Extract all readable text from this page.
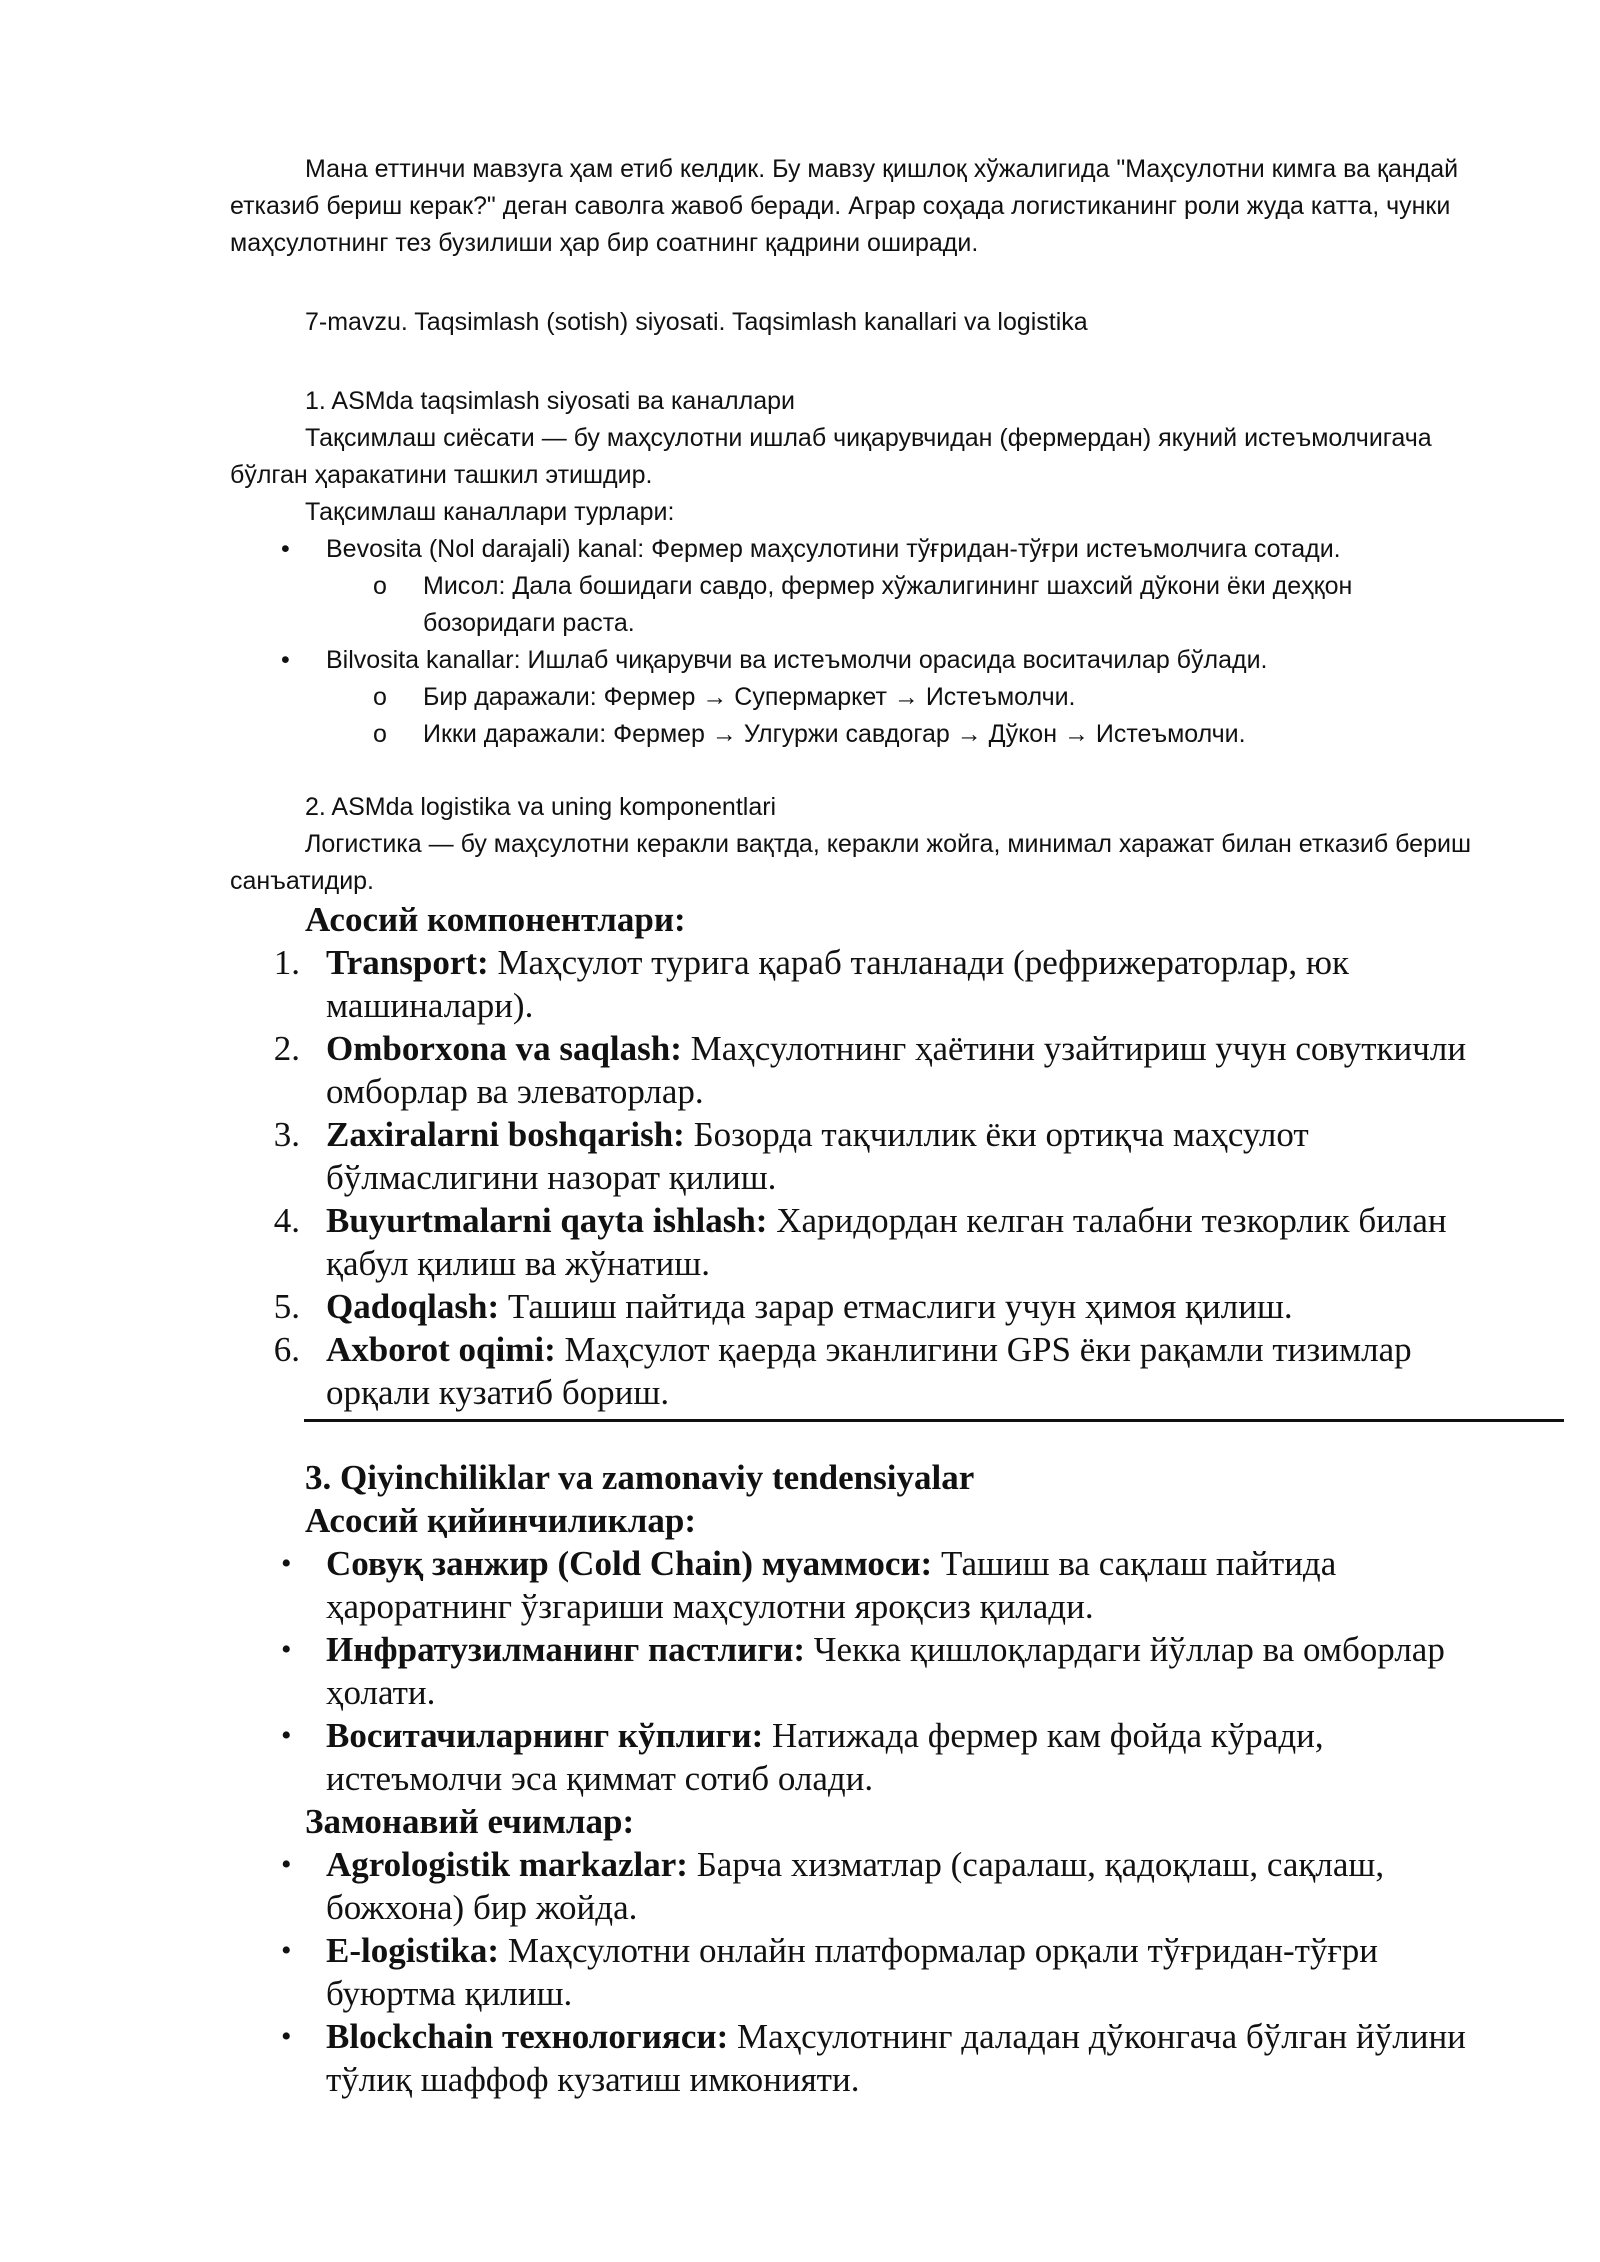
Мана еттинчи мавзуга ҳам етиб келдик. Бу мавзу қишлоқ хўжалигида "Маҳсулотни кимга ва қандай етказиб бериш керак?" деган саволга жавоб беради. Аграр соҳада логистиканинг роли жуда катта, чунки маҳсулотнинг тез бузилиши ҳар бир соатнинг қадрини оширади.

7-mavzu. Taqsimlash (sotish) siyosati. Taqsimlash kanallari va logistika

1. ASMda taqsimlash siyosati ва каналлари

Тақсимлаш сиёсати — бу маҳсулотни ишлаб чиқарувчидан (фермердан) якуний истеъмолчигача бўлган ҳаракатини ташкил этишдир.

Тақсимлаш каналлари турлари:

•	Bevosita (Nol darajali) kanal: Фермер маҳсулотини тўғридан-тўғри истеъмолчига сотади.

o	Мисол: Дала бошидаги савдо, фермер хўжалигининг шахсий дўкони ёки деҳқон бозоридаги раста.

•	Bilvosita kanallar: Ишлаб чиқарувчи ва истеъмолчи орасида воситачилар бўлади.

o	Бир даражали: Фермер → Супермаркет → Истеъмолчи.

o	Икки даражали: Фермер → Улгуржи савдогар → Дўкон → Истеъмолчи.

2. ASMda logistika va uning komponentlari

Логистика — бу маҳсулотни керакли вақтда, керакли жойга, минимал харажат билан етказиб бериш санъатидир.

Асосий компонентлари:

1. Transport: Маҳсулот турига қараб танланади (рефрижераторлар, юк машиналари).

2. Omborxona va saqlash: Маҳсулотнинг ҳаётини узайтириш учун совуткичли омборлар ва элеваторлар.

3. Zaxiralarni boshqarish: Бозорда тақчиллик ёки ортиқча маҳсулот бўлмаслигини назорат қилиш.

4. Buyurtmalarni qayta ishlash: Харидордан келган талабни тезкорлик билан қабул қилиш ва жўнатиш.

5. Qadoqlash: Ташиш пайтида зарар етмаслиги учун ҳимоя қилиш.

6. Axborot oqimi: Маҳсулот қаерда эканлигини GPS ёки рақамли тизимлар орқали кузатиб бориш.

3. Qiyinchiliklar va zamonaviy tendensiyalar

Асосий қийинчиликлар:

• Совуқ занжир (Cold Chain) муаммоси: Ташиш ва сақлаш пайтида ҳароратнинг ўзгариши маҳсулотни яроқсиз қилади.

• Инфратузилманинг пастлиги: Чекка қишлоқлардаги йўллар ва омборлар ҳолати.

• Воситачиларнинг кўплиги: Натижада фермер кам фойда кўради, истеъмолчи эса қиммат сотиб олади.

Замонавий ечимлар:

• Agrologistik markazlar: Барча хизматлар (саралаш, қадоқлаш, сақлаш, божхона) бир жойда.

• E-logistika: Маҳсулотни онлайн платформалар орқали тўғридан-тўғри буюртма қилиш.

• Blockchain технологияси: Маҳсулотнинг даладан дўконгача бўлган йўлини тўлиқ шаффоф кузатиш имконияти.
